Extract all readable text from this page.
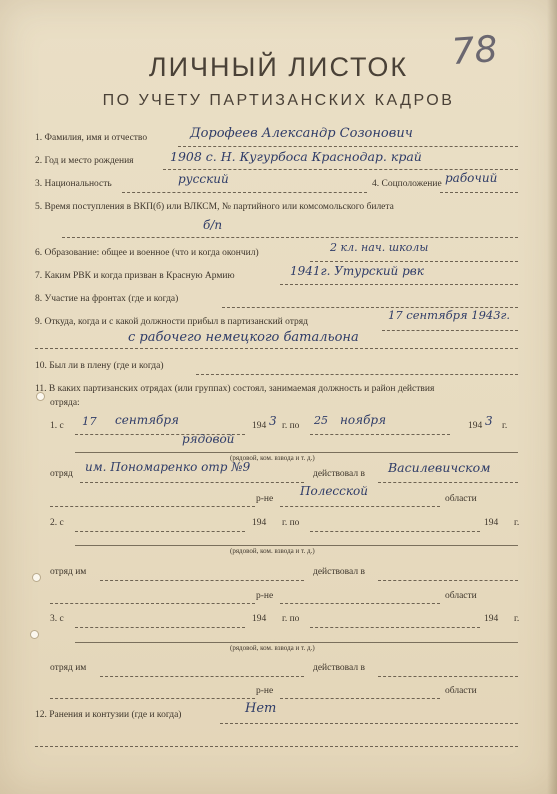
78
ЛИЧНЫЙ ЛИСТОК
ПО УЧЕТУ ПАРТИЗАНСКИХ КАДРОВ
1. Фамилия, имя и отчество	Дорофеев Александр Созонович
2. Год и место рождения	1908 с. Н. Кугурбоса Краснодар. край
3. Национальность	русский	4. Соцположение рабочий
5. Время поступления в ВКП(б) или ВЛКСМ, № партийного или комсомольского билета
б/п
6. Образование: общее и военное (что и когда окончил)	2 кл. нач. школы
7. Каким РВК и когда призван в Красную Армию	1941г. Утурский рвк
8. Участие на фронтах (где и когда)
9. Откуда, когда и с какой должности прибыл в партизанский отряд	17 сентября 1943г.
с рабочего немецкого батальона
10. Был ли в плену (где и когда)
11. В каких партизанских отрядах (или группах) состоял, занимаемая должность и район действия
отряда:
1. с 17 сентября	194 3 г. по 25 ноября	194 3 г.
рядовой
(рядовой, ком. взвода и т. д.)
отряд им. Пономаренко отр №9	действовал в Василевичском
р-не
Полесской
области
2. с	194 г. по	194 г.
(рядовой, ком. взвода и т. д.)
отряд им	действовал в
р-не	области
3. с	194 г. по	194 г.
(рядовой, ком. взвода и т. д.)
отряд им	действовал в
р-не	области
12. Ранения и контузии (где и когда)	Нет
